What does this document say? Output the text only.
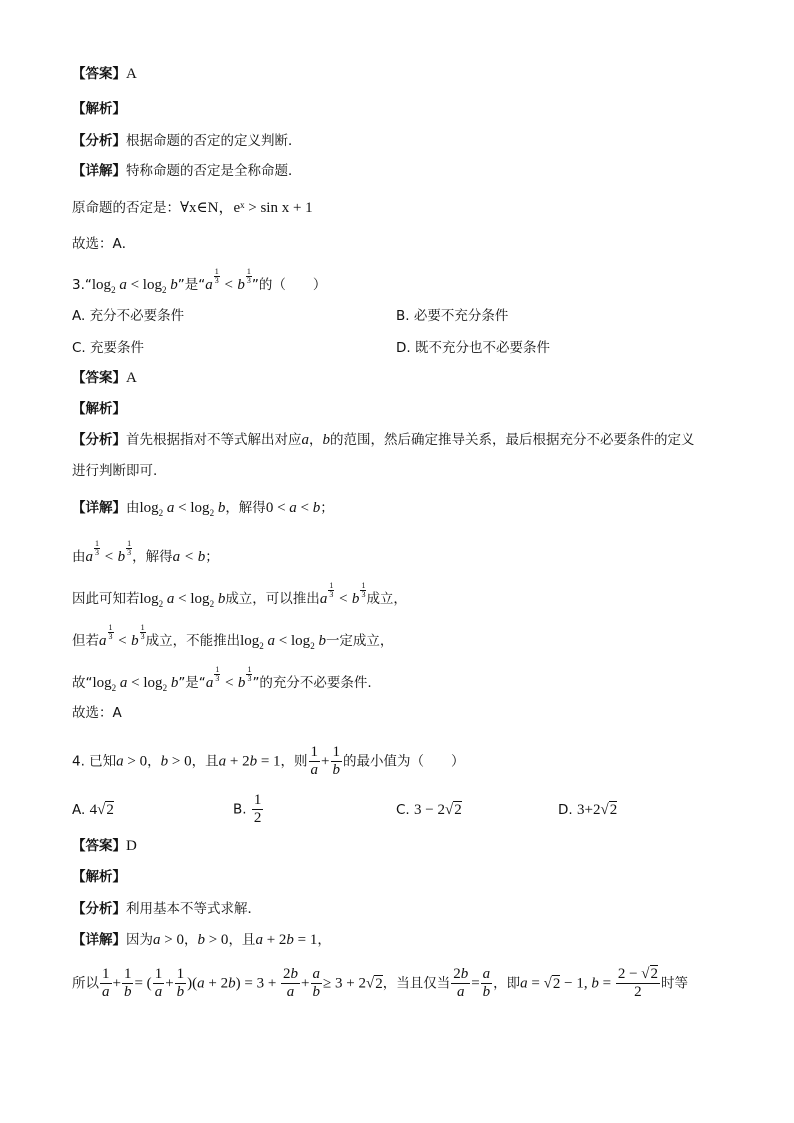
【答案】A
【解析】
【分析】根据命题的否定的定义判断．
【详解】特称命题的否定是全称命题．
原命题的否定是：∀x∈N，eˣ > sin x + 1
故选：A．
$3.“\log_2$ $a < \log_2 b$”是“$a \frac{1}{3} < b \frac{1}{3}$ ”的（　　）
A. 充分不必要条件	B. 必要不充分条件
C. 充要条件	D. 既不充分也不必要条件
【答案】A
【解析】
【分析】首先根据指对不等式解出对应a，b的范围，然后确定推导关系，最后根据充分不必要条件的定义
进行判断即可.
【详解】由$\log_2 a < \log_2 b$，解得0 < a < b；
由a $\frac{1}{3} < b \frac{1}{3}$ ，解得a < b；
因此可知若$\log_2 a < \log_2 b$成立，可以推出a $\frac{1}{3} < b \frac{1}{3}$ 成立，
但若a $\frac{1}{3} < b \frac{1}{3}$ 成立，不能推出$\log_2 a < \log_2 b$一定成立，
故“$\log_2$ $a < \log_2 b$”是“$a \frac{1}{3} < b \frac{1}{3}$ ”的充分不必要条件.
故选：A
4. 已知a > 0，b > 0，且a + 2b = 1，则 $\frac{1}{a} + \frac{1}{b}$ 的最小值为（　　）
A. 4√2	B. $\frac{1}{2}$	C. 3 − 2√2	D. 3+2√2
【答案】D
【解析】
【分析】利用基本不等式求解．
【详解】因为a > 0，b > 0，且a + 2b = 1，
所以 $\frac{1}{a} + \frac{1}{b}$ = ( $\frac{1}{a} + \frac{1}{b} )(a + 2b) = 3 + \frac{2b}{a} + \frac{a}{b} \ge 3 + 2√2$，当且仅当 $\frac{2b}{a} = \frac{a}{b}$ ，即a = √2 − 1, $b = \frac{2 - √2}{2}$ 时等
